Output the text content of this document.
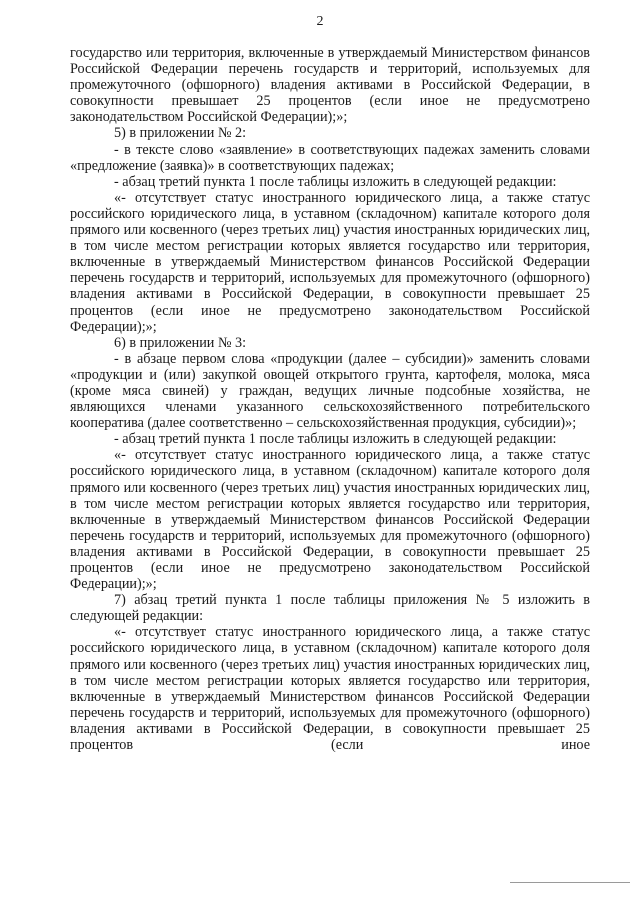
2

государство или территория, включенные в утверждаемый Министерством финансов Российской Федерации перечень государств и территорий, используемых для промежуточного (офшорного) владения активами в Российской Федерации, в совокупности превышает 25 процентов (если иное не предусмотрено законодательством Российской Федерации);»;

5) в приложении № 2:

- в тексте слово «заявление» в соответствующих падежах заменить словами «предложение (заявка)» в соответствующих падежах;

- абзац третий пункта 1 после таблицы изложить в следующей редакции:

«- отсутствует статус иностранного юридического лица, а также статус российского юридического лица, в уставном (складочном) капитале которого доля прямого или косвенного (через третьих лиц) участия иностранных юридических лиц, в том числе местом регистрации которых является государство или территория, включенные в утверждаемый Министерством финансов Российской Федерации перечень государств и территорий, используемых для промежуточного (офшорного) владения активами в Российской Федерации, в совокупности превышает 25 процентов (если иное не предусмотрено законодательством Российской Федерации);»;

6) в приложении № 3:

- в абзаце первом слова «продукции (далее – субсидии)» заменить словами «продукции и (или) закупкой овощей открытого грунта, картофеля, молока, мяса (кроме мяса свиней) у граждан, ведущих личные подсобные хозяйства, не являющихся членами указанного сельскохозяйственного потребительского кооператива (далее соответственно – сельскохозяйственная продукция, субсидии)»;

- абзац третий пункта 1 после таблицы изложить в следующей редакции:

«- отсутствует статус иностранного юридического лица, а также статус российского юридического лица, в уставном (складочном) капитале которого доля прямого или косвенного (через третьих лиц) участия иностранных юридических лиц, в том числе местом регистрации которых является государство или территория, включенные в утверждаемый Министерством финансов Российской Федерации перечень государств и территорий, используемых для промежуточного (офшорного) владения активами в Российской Федерации, в совокупности превышает 25 процентов (если иное не предусмотрено законодательством Российской Федерации);»;

7) абзац третий пункта 1 после таблицы приложения № 5 изложить в следующей редакции:

«- отсутствует статус иностранного юридического лица, а также статус российского юридического лица, в уставном (складочном) капитале которого доля прямого или косвенного (через третьих лиц) участия иностранных юридических лиц, в том числе местом регистрации которых является государство или территория, включенные в утверждаемый Министерством финансов Российской Федерации перечень государств и территорий, используемых для промежуточного (офшорного) владения активами в Российской Федерации, в совокупности превышает 25 процентов (если иное
